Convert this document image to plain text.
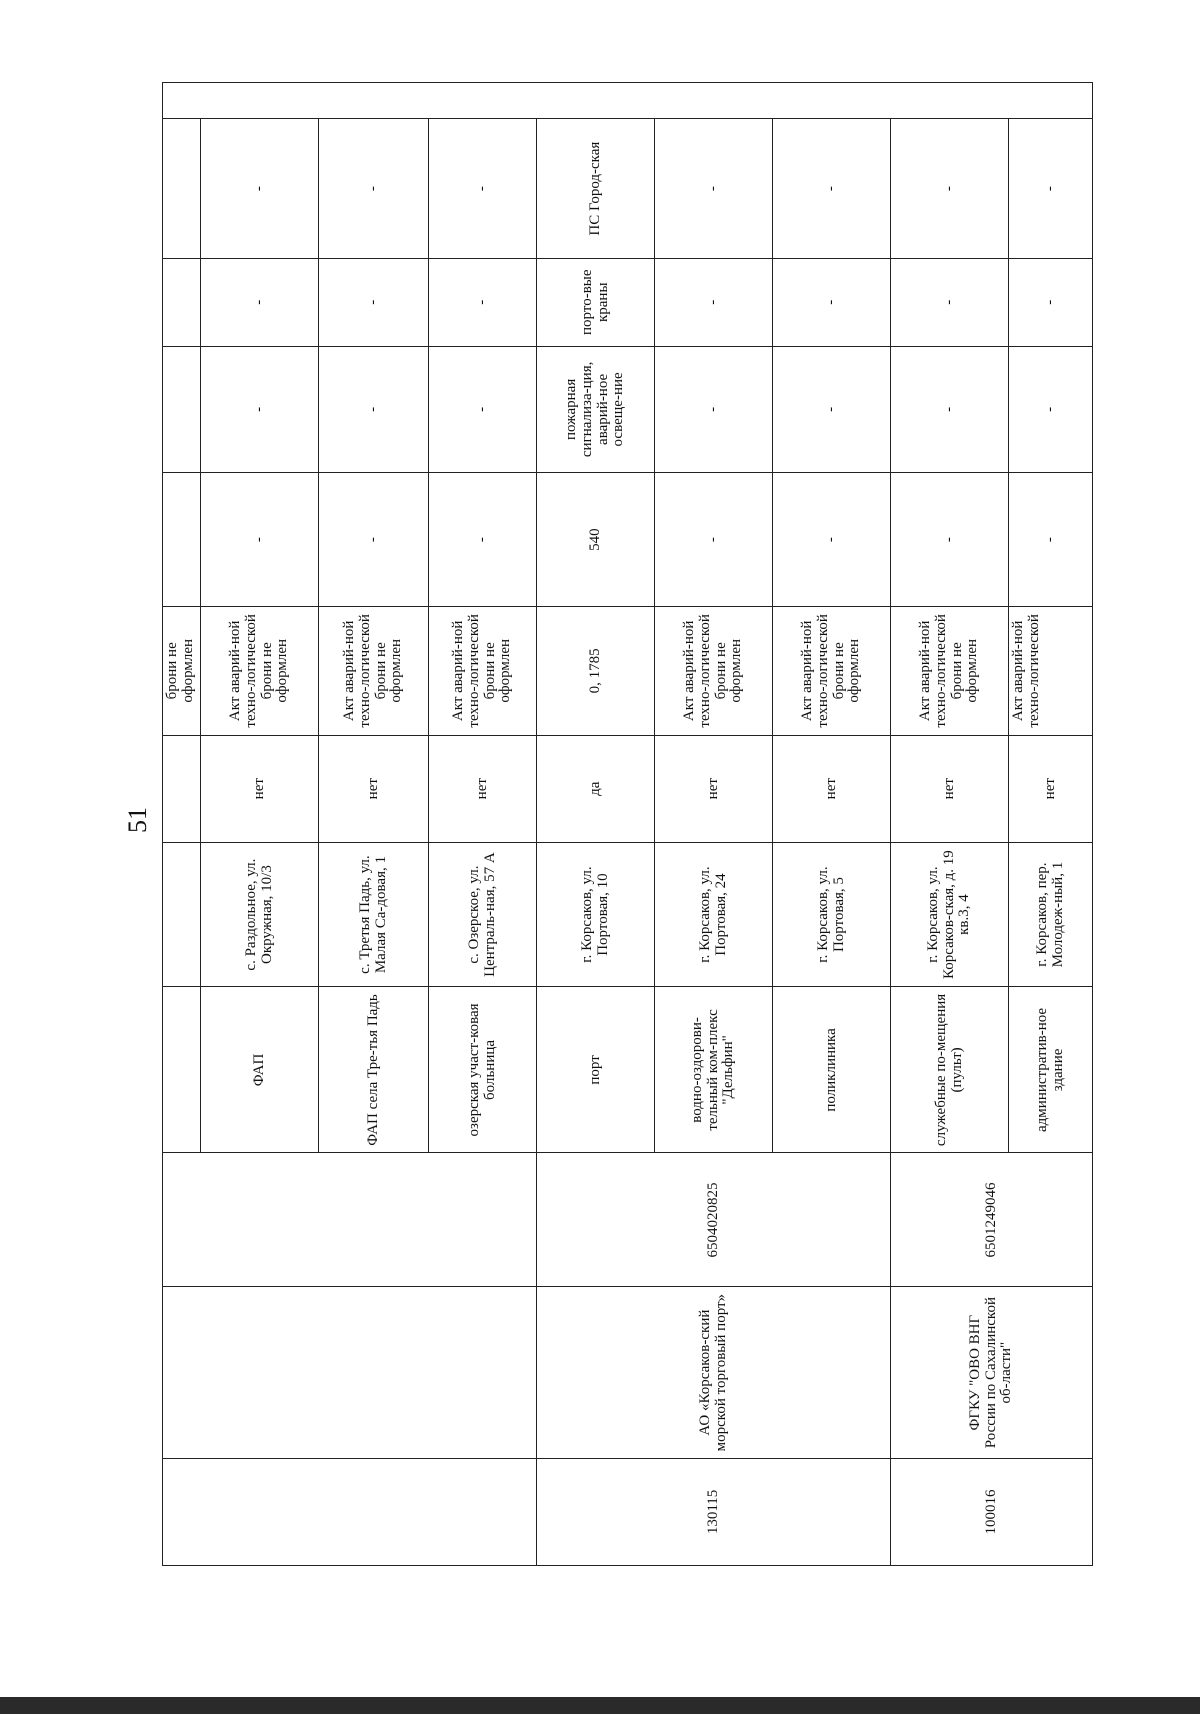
51
						брони не оформлен					
			ФАП	с. Раздольное, ул. Окружная, 10/3	нет	Акт аварий-ной техно-логической брони не оформлен	-	-	-	-	
			ФАП села Тре-тья Падь	с. Третья Падь, ул. Малая Са-довая, 1	нет	Акт аварий-ной техно-логической брони не оформлен	-	-	-	-	
			озерская участ-ковая больница	с. Озерское, ул. Централь-ная, 57 А	нет	Акт аварий-ной техно-логической брони не оформлен	-	-	-	-	
130115	АО «Корсаков-ский морской торговый порт»	6504020825	порт	г. Корсаков, ул. Портовая, 10	да	0, 1785	540	пожарная сигнализа-ция, аварий-ное освеще-ние	порто-вые краны	ПС Город-ская	
			водно-оздорови-тельный ком-плекс "Дельфин"	г. Корсаков, ул. Портовая, 24	нет	Акт аварий-ной техно-логической брони не оформлен	-	-	-	-	
			поликлиника	г. Корсаков, ул. Портовая, 5	нет	Акт аварий-ной техно-логической брони не оформлен	-	-	-	-	
100016	ФГКУ "ОВО ВНГ России по Сахалинской об-ласти"	6501249046	служебные по-мещения (пульт)	г. Корсаков, ул. Корсаков-ская, д. 19 кв.3, 4	нет	Акт аварий-ной техно-логической брони не оформлен	-	-	-	-	
			административ-ное здание	г. Корсаков, пер. Молодеж-ный, 1	нет	Акт аварий-ной техно-логической	-	-	-	-	
